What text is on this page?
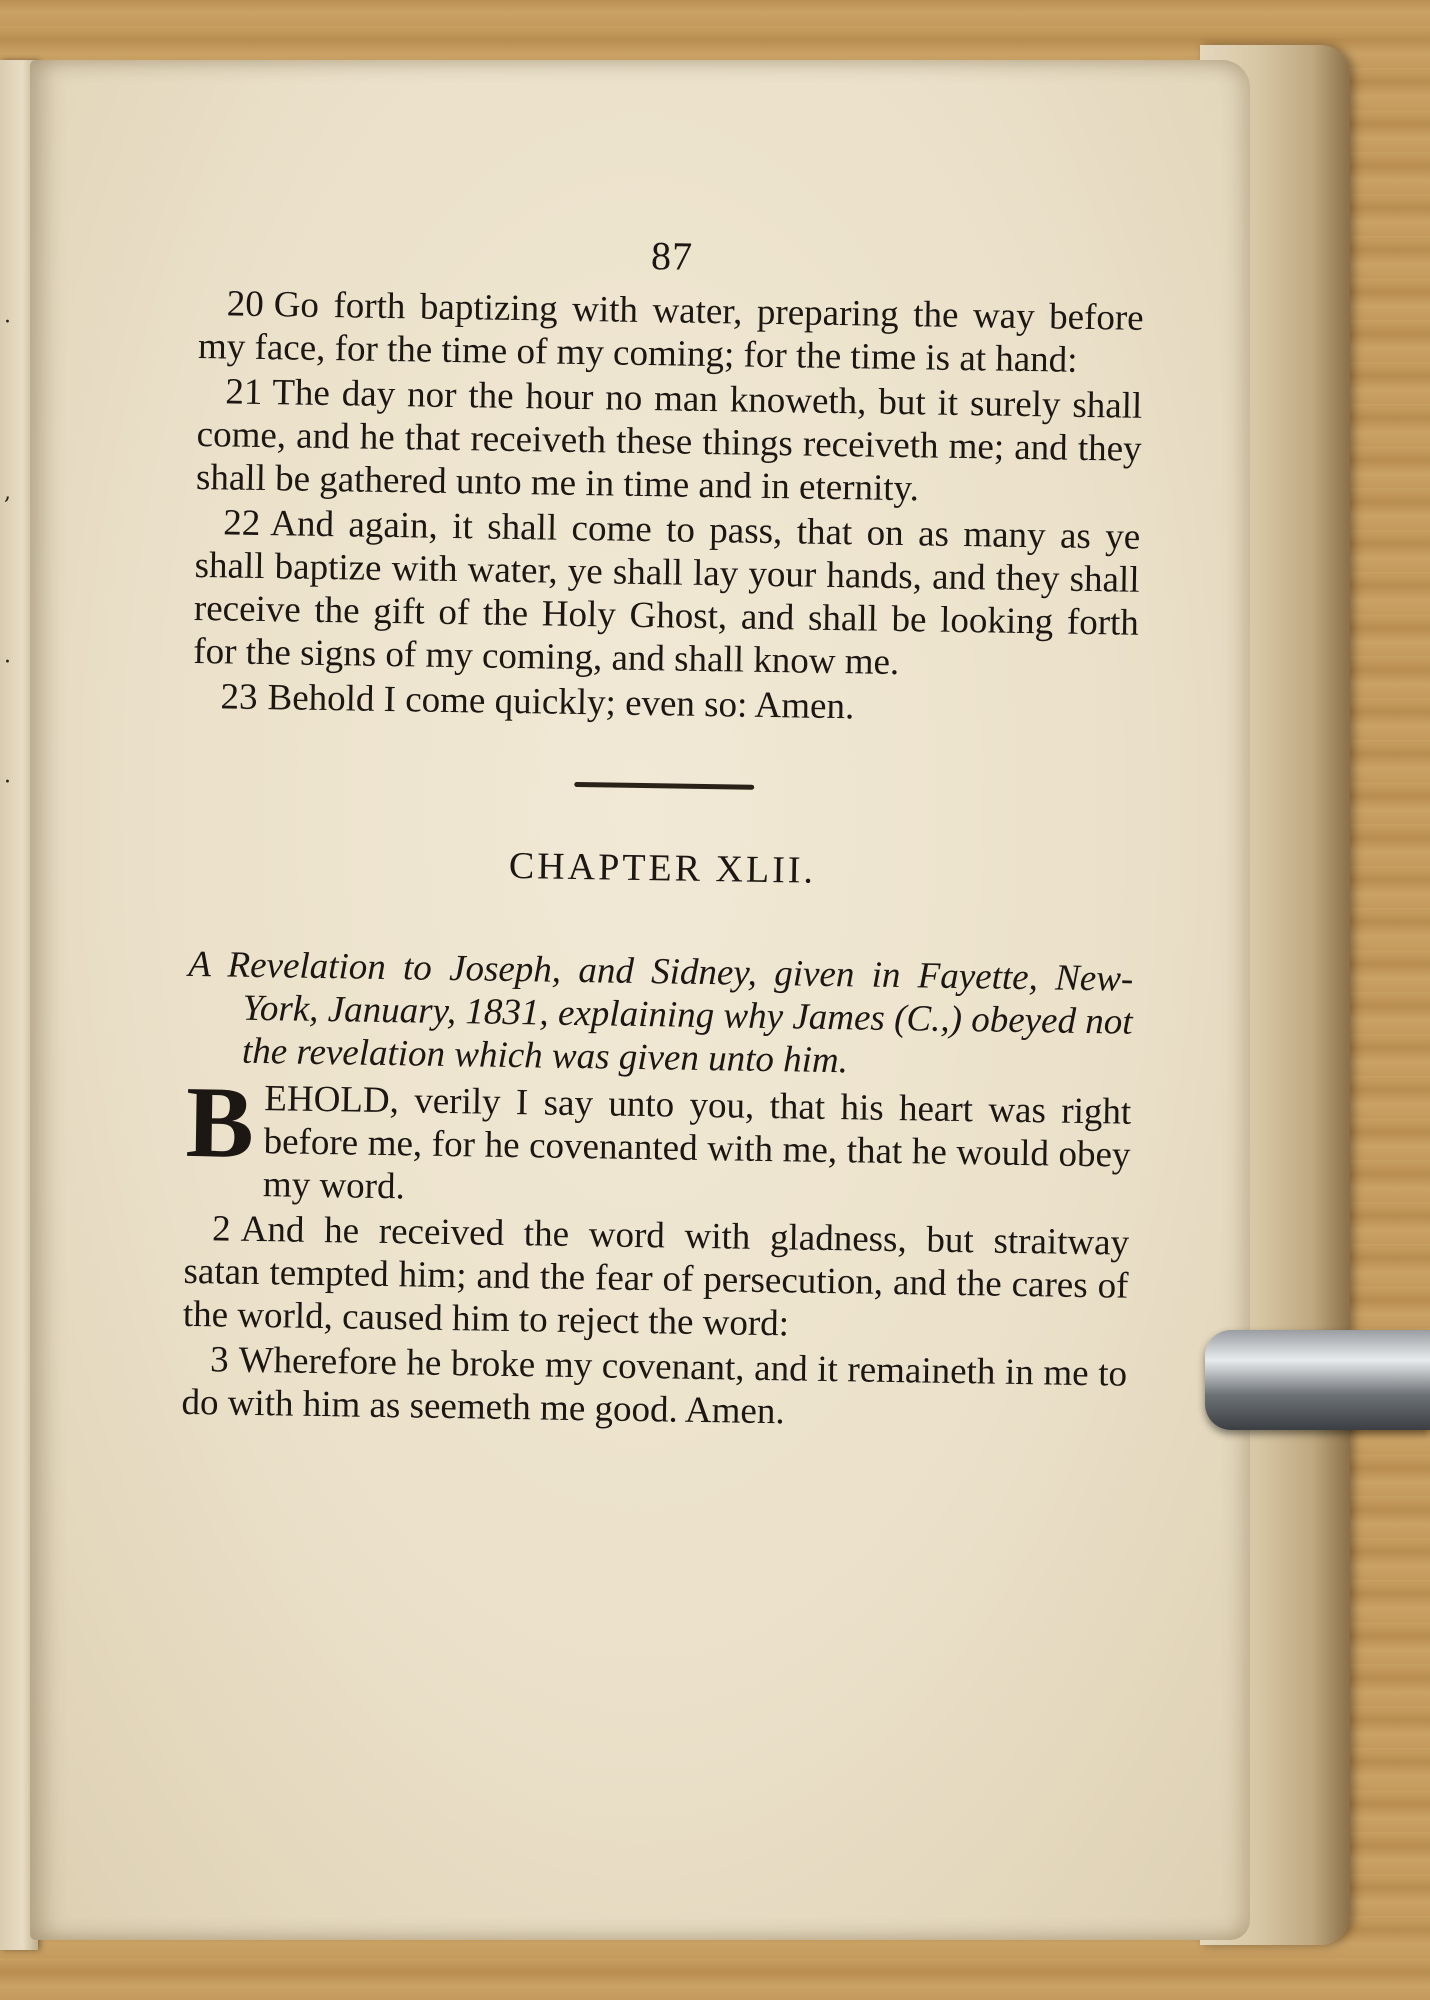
·
,
·
·
87

20 Go forth baptizing with water, preparing the way before my face, for the time of my coming; for the time is at hand:

21 The day nor the hour no man knoweth, but it surely shall come, and he that receiveth these things receiveth me; and they shall be gathered unto me in time and in eternity.

22 And again, it shall come to pass, that on as many as ye shall baptize with water, ye shall lay your hands, and they shall receive the gift of the Holy Ghost, and shall be looking forth for the signs of my coming, and shall know me.

23 Behold I come quickly; even so: Amen.

CHAPTER XLII.

A Revelation to Joseph, and Sidney, given in Fayette, New-York, January, 1831, explaining why James (C.,) obeyed not the revelation which was given unto him.

BEHOLD, verily I say unto you, that his heart was right before me, for he covenanted with me, that he would obey my word.

2 And he received the word with gladness, but straitway satan tempted him; and the fear of persecution, and the cares of the world, caused him to reject the word:

3 Wherefore he broke my covenant, and it remaineth in me to do with him as seemeth me good. Amen.
